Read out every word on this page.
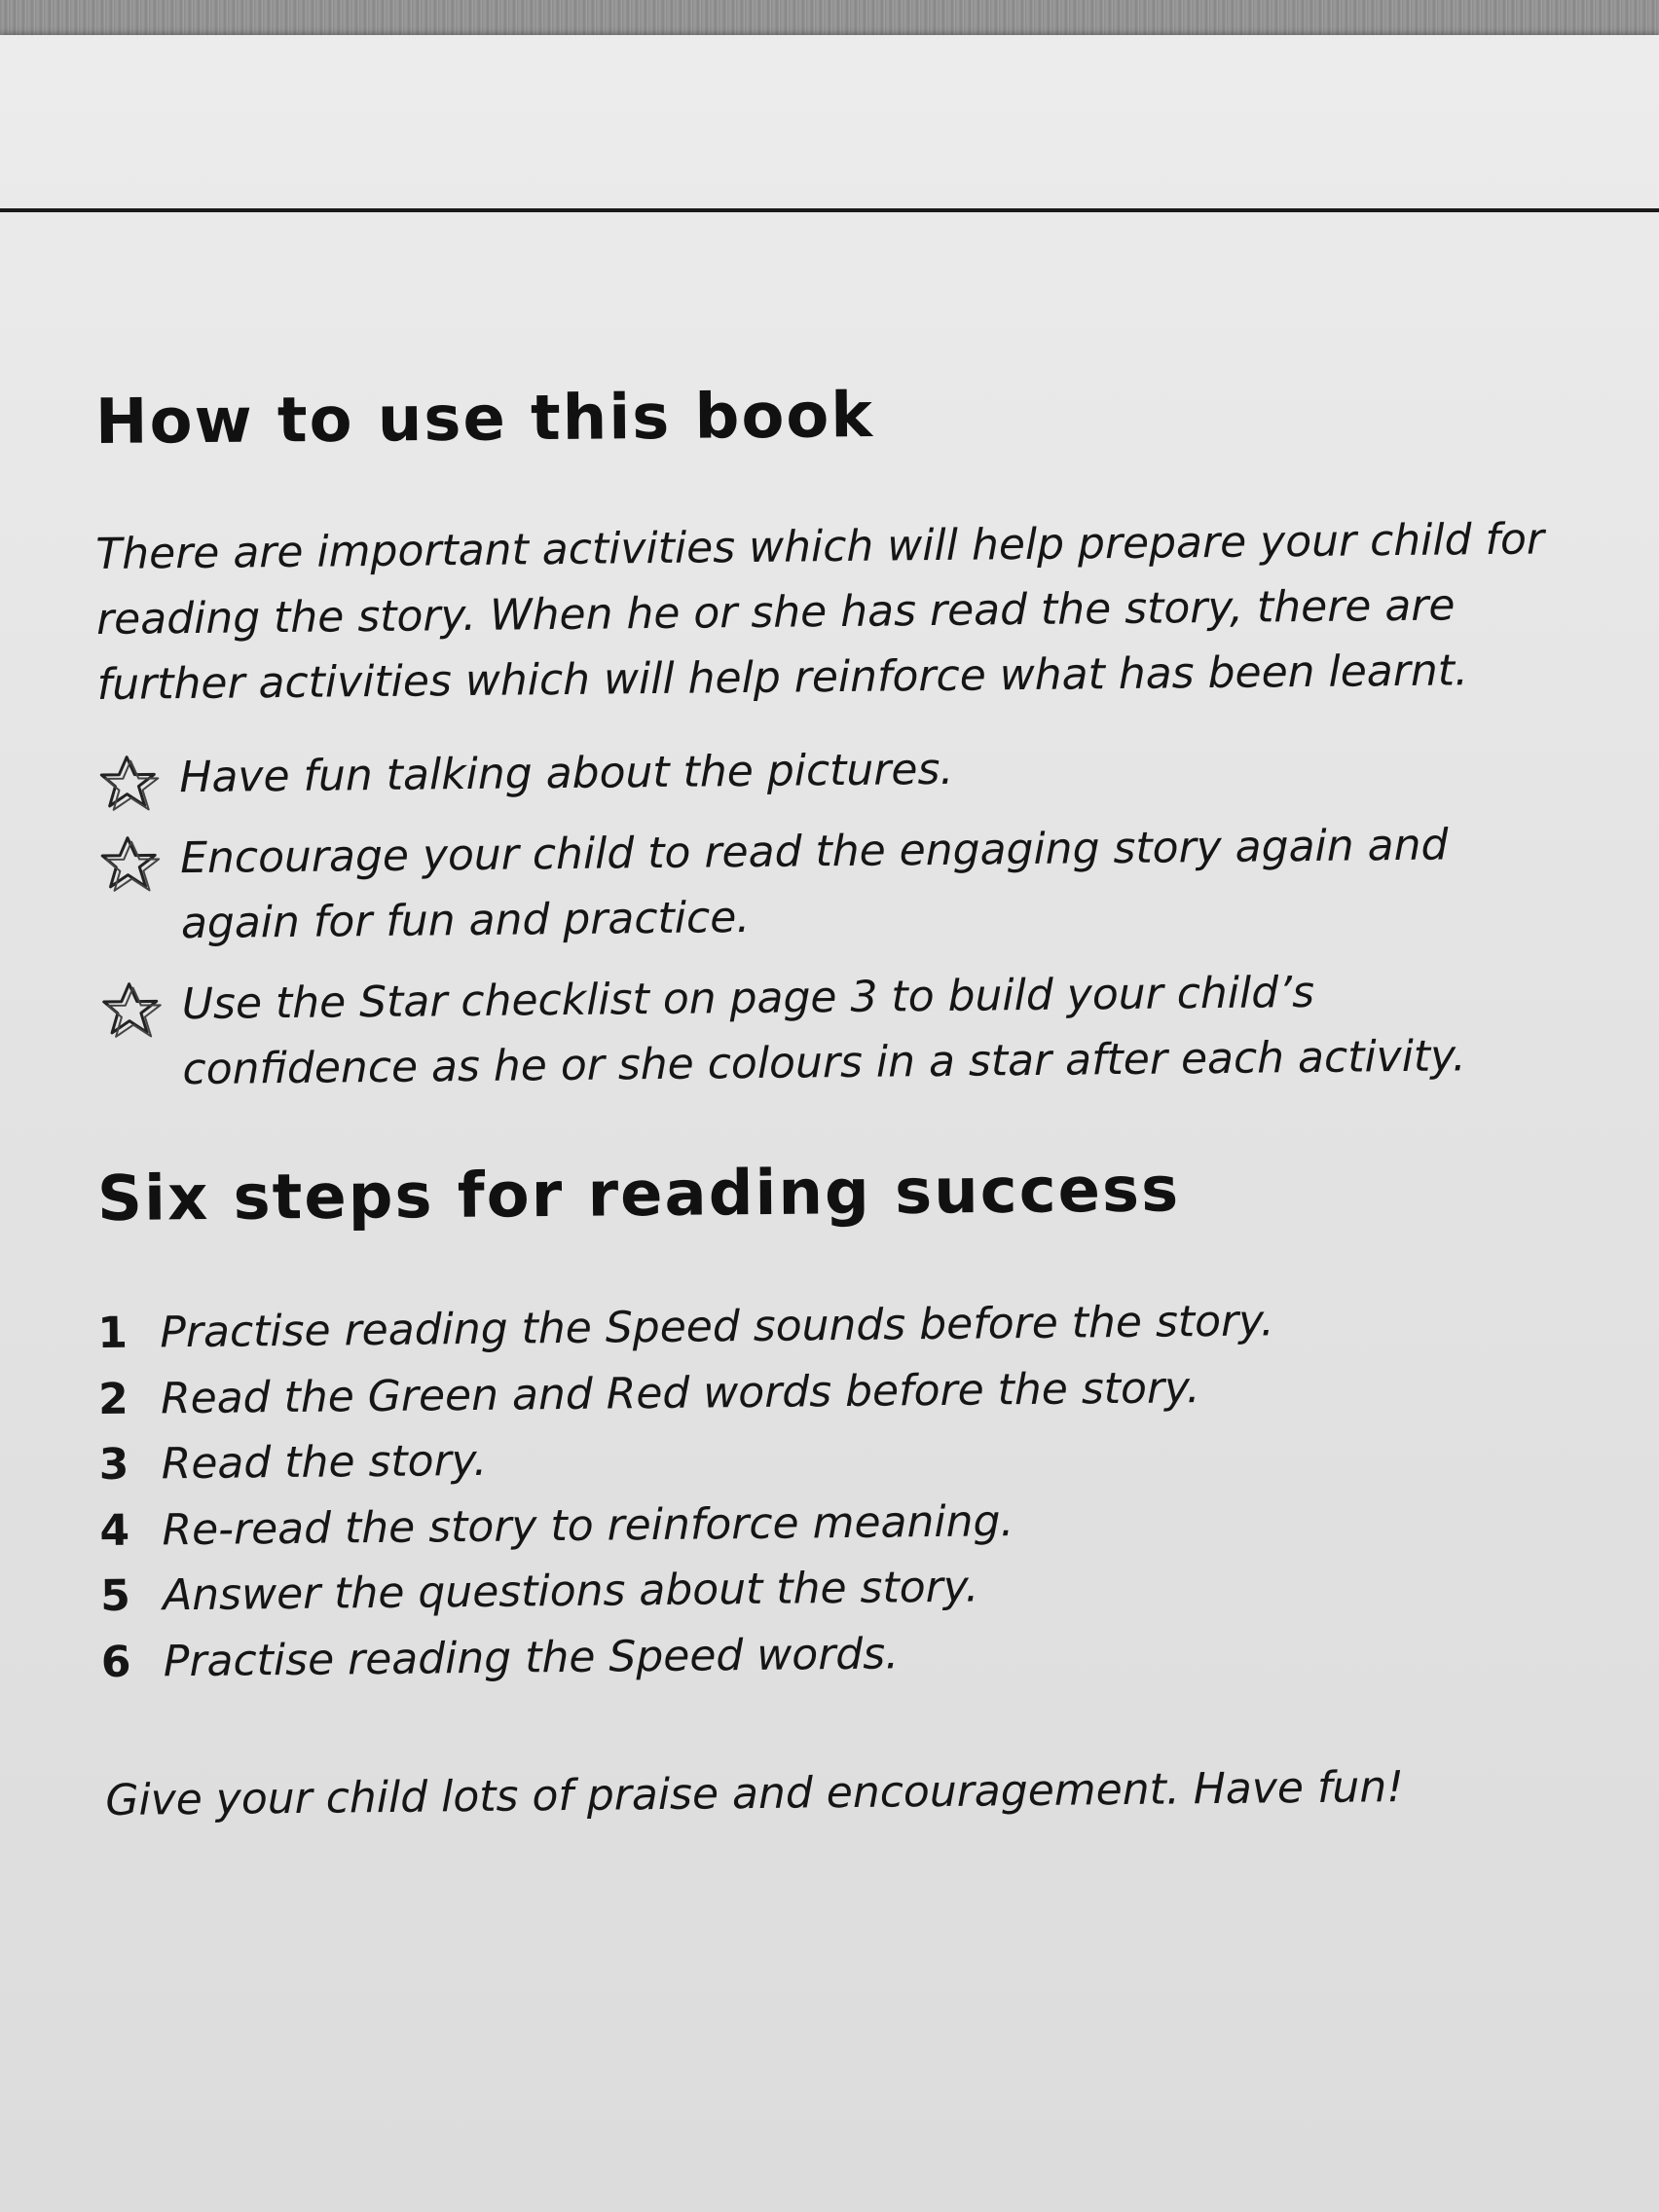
How to use this book

There are important activities which will help prepare your child for reading the story. When he or she has read the story, there are further activities which will help reinforce what has been learnt.

Have fun talking about the pictures.
Encourage your child to read the engaging story again and again for fun and practice.
Use the Star checklist on page 3 to build your child’s confidence as he or she colours in a star after each activity.
Six steps for reading success
1 Practise reading the Speed sounds before the story.
2 Read the Green and Red words before the story.
3 Read the story.
4 Re-read the story to reinforce meaning.
5 Answer the questions about the story.
6 Practise reading the Speed words.

Give your child lots of praise and encouragement. Have fun!
